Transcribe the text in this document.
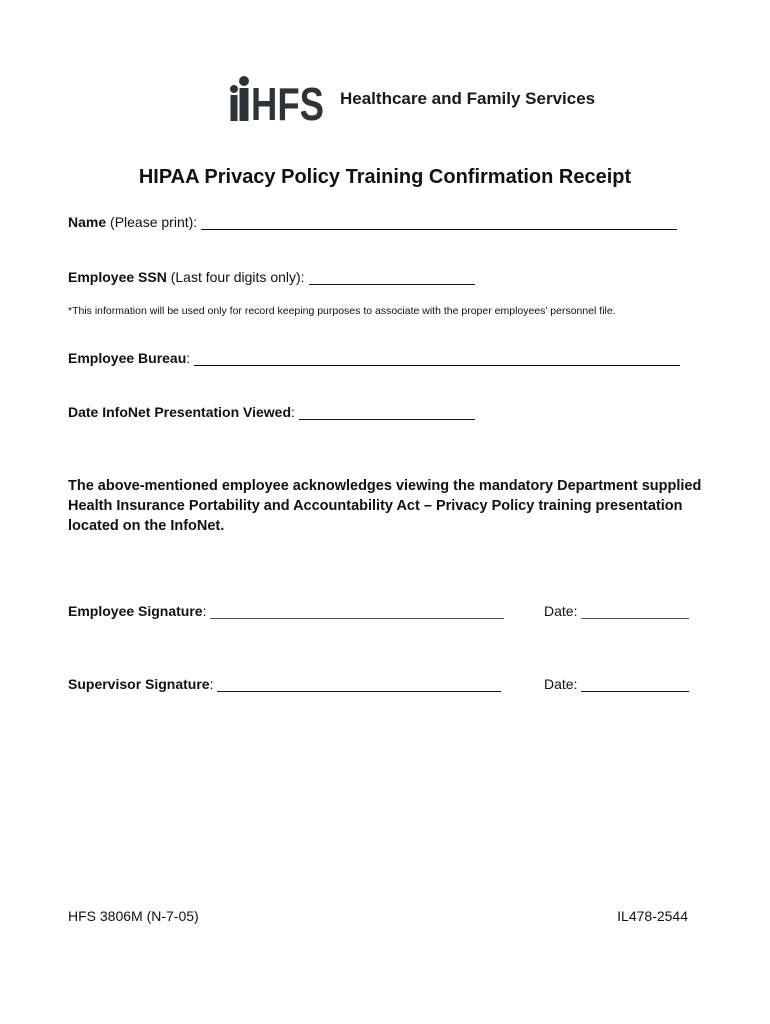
HFS Healthcare and Family Services
HIPAA Privacy Policy Training Confirmation Receipt
Name (Please print):
Employee SSN (Last four digits only):
*This information will be used only for record keeping purposes to associate with the proper employees’ personnel file.
Employee Bureau :
Date InfoNet Presentation Viewed :
The above-mentioned employee acknowledges viewing the mandatory Department supplied Health Insurance Portability and Accountability Act – Privacy Policy training presentation located on the InfoNet.
Employee Signature :	Date :
Supervisor Signature :	Date :
HFS 3806M (N-7-05)	IL478-2544
